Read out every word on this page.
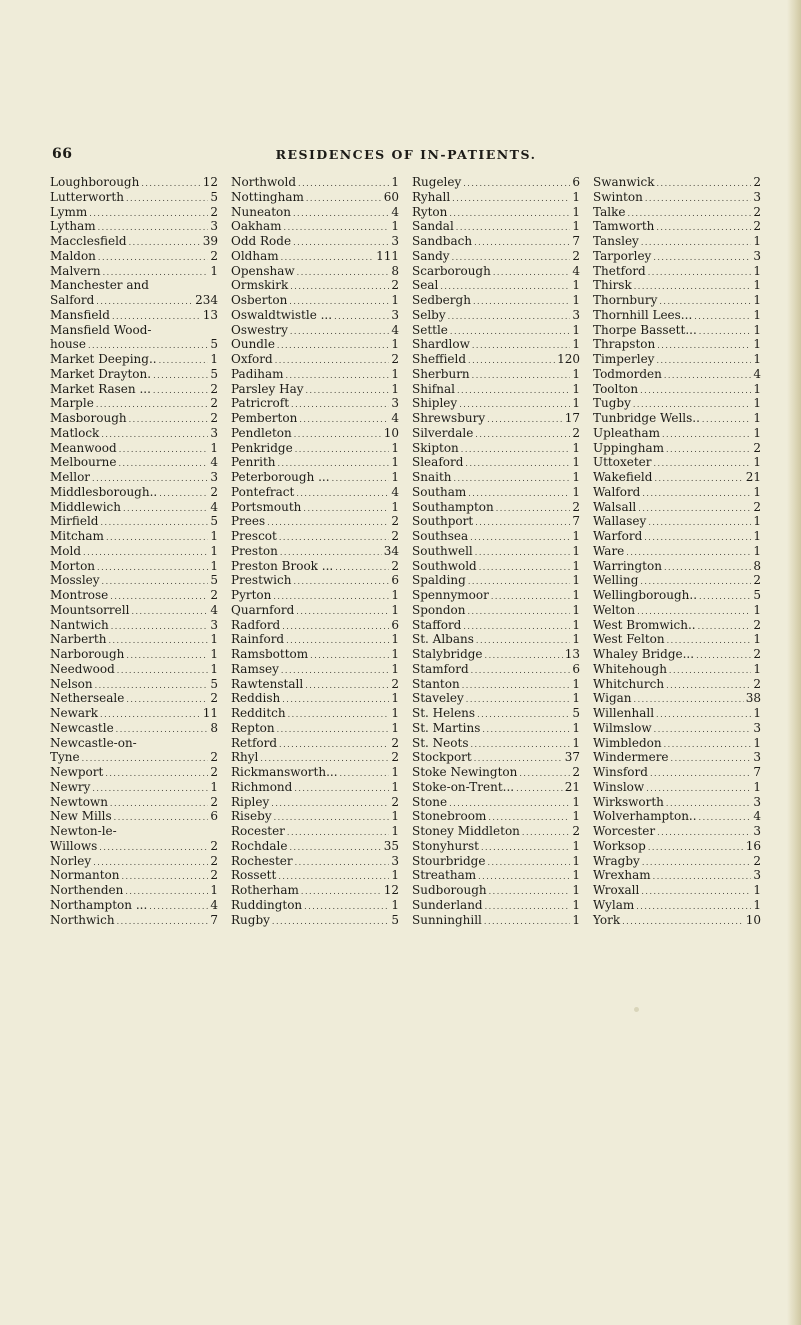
66	RESIDENCES OF IN-PATIENTS.
Loughborough .....	12
Lutterworth .....	5
Lymm .....	2
Lytham .....	3
Macclesfield .....	39
Maldon .....	2
Malvern .....	1
Manchester and
Salford .....	234
Mansfield .....	13
Mansfield Wood-
house .....	5
Market Deeping.. .....	1
Market Drayton. .....	5
Market Rasen ... .....	2
Marple .....	2
Masborough .....	2
Matlock .....	3
Meanwood .....	1
Melbourne .....	4
Mellor .....	3
Middlesborough.. .....	2
Middlewich .....	4
Mirfield .....	5
Mitcham .....	1
Mold .....	1
Morton .....	1
Mossley .....	5
Montrose .....	2
Mountsorrell .....	4
Nantwich .....	3
Narberth .....	1
Narborough .....	1
Needwood .....	1
Nelson .....	5
Netherseale .....	2
Newark .....	11
Newcastle .....	8
Newcastle-on-
Tyne .....	2
Newport .....	2
Newry .....	1
Newtown .....	2
New Mills .....	6
Newton-le-
Willows .....	2
Norley .....	2
Normanton .....	2
Northenden .....	1
Northampton ... .....	4
Northwich .....	7
Northwold .....	1
Nottingham .....	60
Nuneaton .....	4
Oakham .....	1
Odd Rode .....	3
Oldham .....	111
Openshaw .....	8
Ormskirk .....	2
Osberton .....	1
Oswaldtwistle ... .....	3
Oswestry .....	4
Oundle .....	1
Oxford .....	2
Padiham .....	1
Parsley Hay .....	1
Patricroft .....	3
Pemberton .....	4
Pendleton .....	10
Penkridge .....	1
Penrith .....	1
Peterborough ... .....	1
Pontefract .....	4
Portsmouth .....	1
Prees .....	2
Prescot .....	2
Preston .....	34
Preston Brook ... .....	2
Prestwich .....	6
Pyrton .....	1
Quarnford .....	1
Radford .....	6
Rainford .....	1
Ramsbottom .....	1
Ramsey .....	1
Rawtenstall .....	2
Reddish .....	1
Redditch .....	1
Repton .....	1
Retford .....	2
Rhyl .....	2
Rickmansworth... .....	1
Richmond .....	1
Ripley .....	2
Riseby .....	1
Rocester .....	1
Rochdale .....	35
Rochester .....	3
Rossett .....	1
Rotherham .....	12
Ruddington .....	1
Rugby .....	5
Rugeley .....	6
Ryhall .....	1
Ryton .....	1
Sandal .....	1
Sandbach .....	7
Sandy .....	2
Scarborough .....	4
Seal .....	1
Sedbergh .....	1
Selby .....	3
Settle .....	1
Shardlow .....	1
Sheffield .....	120
Sherburn .....	1
Shifnal .....	1
Shipley .....	1
Shrewsbury .....	17
Silverdale .....	2
Skipton .....	1
Sleaford .....	1
Snaith .....	1
Southam .....	1
Southampton .....	2
Southport .....	7
Southsea .....	1
Southwell .....	1
Southwold .....	1
Spalding .....	1
Spennymoor .....	1
Spondon .....	1
Stafford .....	1
St. Albans .....	1
Stalybridge .....	13
Stamford .....	6
Stanton .....	1
Staveley .....	1
St. Helens .....	5
St. Martins .....	1
St. Neots .....	1
Stockport .....	37
Stoke Newington .....	2
Stoke-on-Trent... .....	21
Stone .....	1
Stonebroom .....	1
Stoney Middleton .....	2
Stonyhurst .....	1
Stourbridge .....	1
Streatham .....	1
Sudborough .....	1
Sunderland .....	1
Sunninghill .....	1
Swanwick .....	2
Swinton .....	3
Talke .....	2
Tamworth .....	2
Tansley .....	1
Tarporley .....	3
Thetford .....	1
Thirsk .....	1
Thornbury .....	1
Thornhill Lees... .....	1
Thorpe Bassett... .....	1
Thrapston .....	1
Timperley .....	1
Todmorden .....	4
Toolton .....	1
Tugby .....	1
Tunbridge Wells.. .....	1
Upleatham .....	1
Uppingham .....	2
Uttoxeter .....	1
Wakefield .....	21
Walford .....	1
Walsall .....	2
Wallasey .....	1
Warford .....	1
Ware .....	1
Warrington .....	8
Welling .....	2
Wellingborough.. .....	5
Welton .....	1
West Bromwich.. .....	2
West Felton .....	1
Whaley Bridge... .....	2
Whitehough .....	1
Whitchurch .....	2
Wigan .....	38
Willenhall .....	1
Wilmslow .....	3
Wimbledon .....	1
Windermere .....	3
Winsford .....	7
Winslow .....	1
Wirksworth .....	3
Wolverhampton.. .....	4
Worcester .....	3
Worksop .....	16
Wragby .....	2
Wrexham .....	3
Wroxall .....	1
Wylam .....	1
York .....	10
